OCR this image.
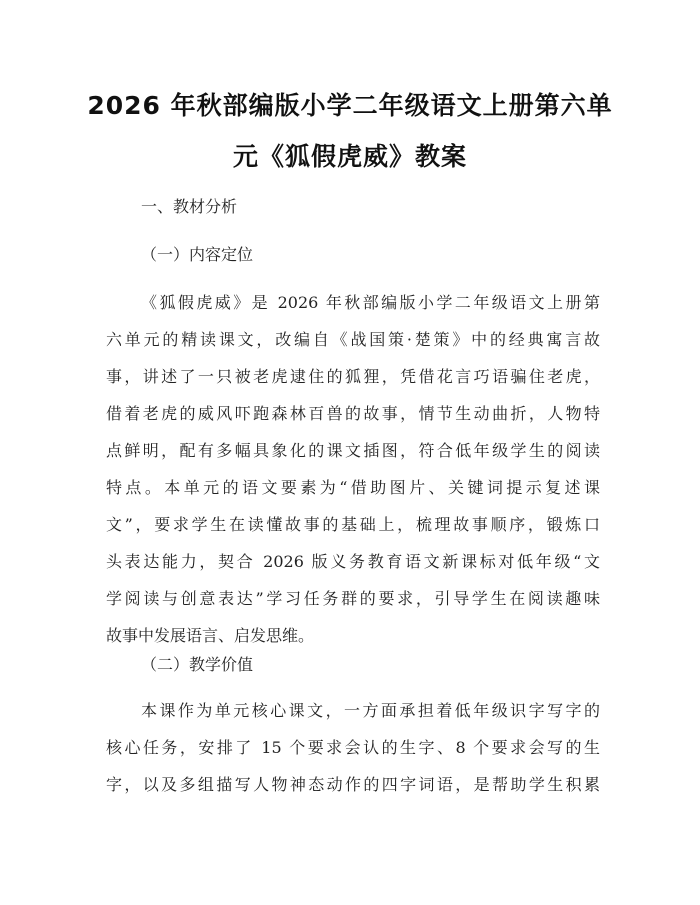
2026 年秋部编版小学二年级语文上册第六单
元《狐假虎威》教案
一、教材分析
（一）内容定位
《狐假虎威》是 2026 年秋部编版小学二年级语文上册第
六单元的精读课文，改编自《战国策·楚策》中的经典寓言故
事，讲述了一只被老虎逮住的狐狸，凭借花言巧语骗住老虎，
借着老虎的威风吓跑森林百兽的故事，情节生动曲折，人物特
点鲜明，配有多幅具象化的课文插图，符合低年级学生的阅读
特点。本单元的语文要素为“借助图片、关键词提示复述课
文”，要求学生在读懂故事的基础上，梳理故事顺序，锻炼口
头表达能力，契合 2026 版义务教育语文新课标对低年级“文
学阅读与创意表达”学习任务群的要求，引导学生在阅读趣味
故事中发展语言、启发思维。
（二）教学价值
本课作为单元核心课文，一方面承担着低年级识字写字的
核心任务，安排了 15 个要求会认的生字、8 个要求会写的生
字，以及多组描写人物神态动作的四字词语，是帮助学生积累
